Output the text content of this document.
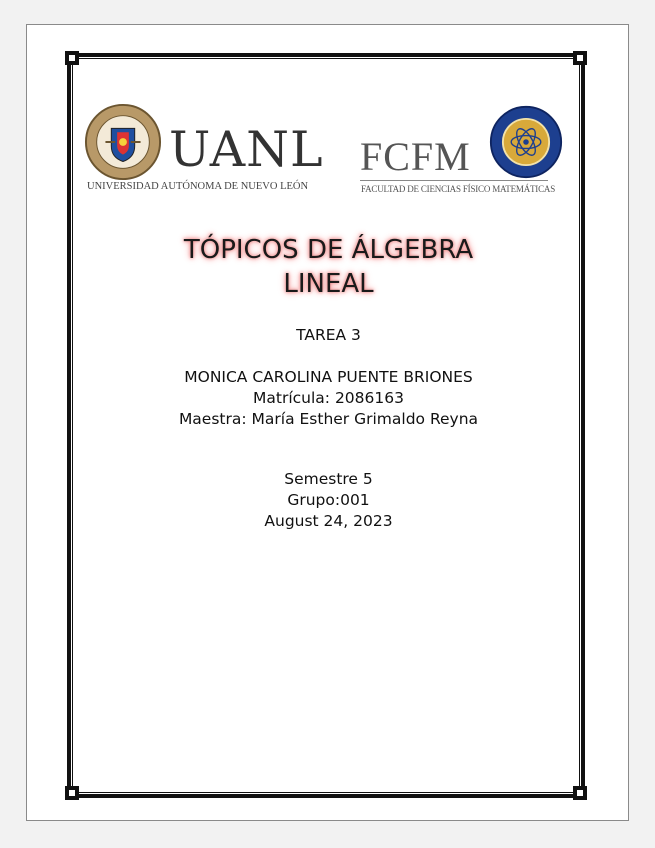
UANL
UNIVERSIDAD AUTÓNOMA DE NUEVO LEÓN
FCFM
FACULTAD DE CIENCIAS FÍSICO MATEMÁTICAS
TÓPICOS DE ÁLGEBRA
LINEAL
TAREA 3
MONICA CAROLINA PUENTE BRIONES
Matrícula: 2086163
Maestra: María Esther Grimaldo Reyna
Semestre 5
Grupo:001
August 24, 2023
